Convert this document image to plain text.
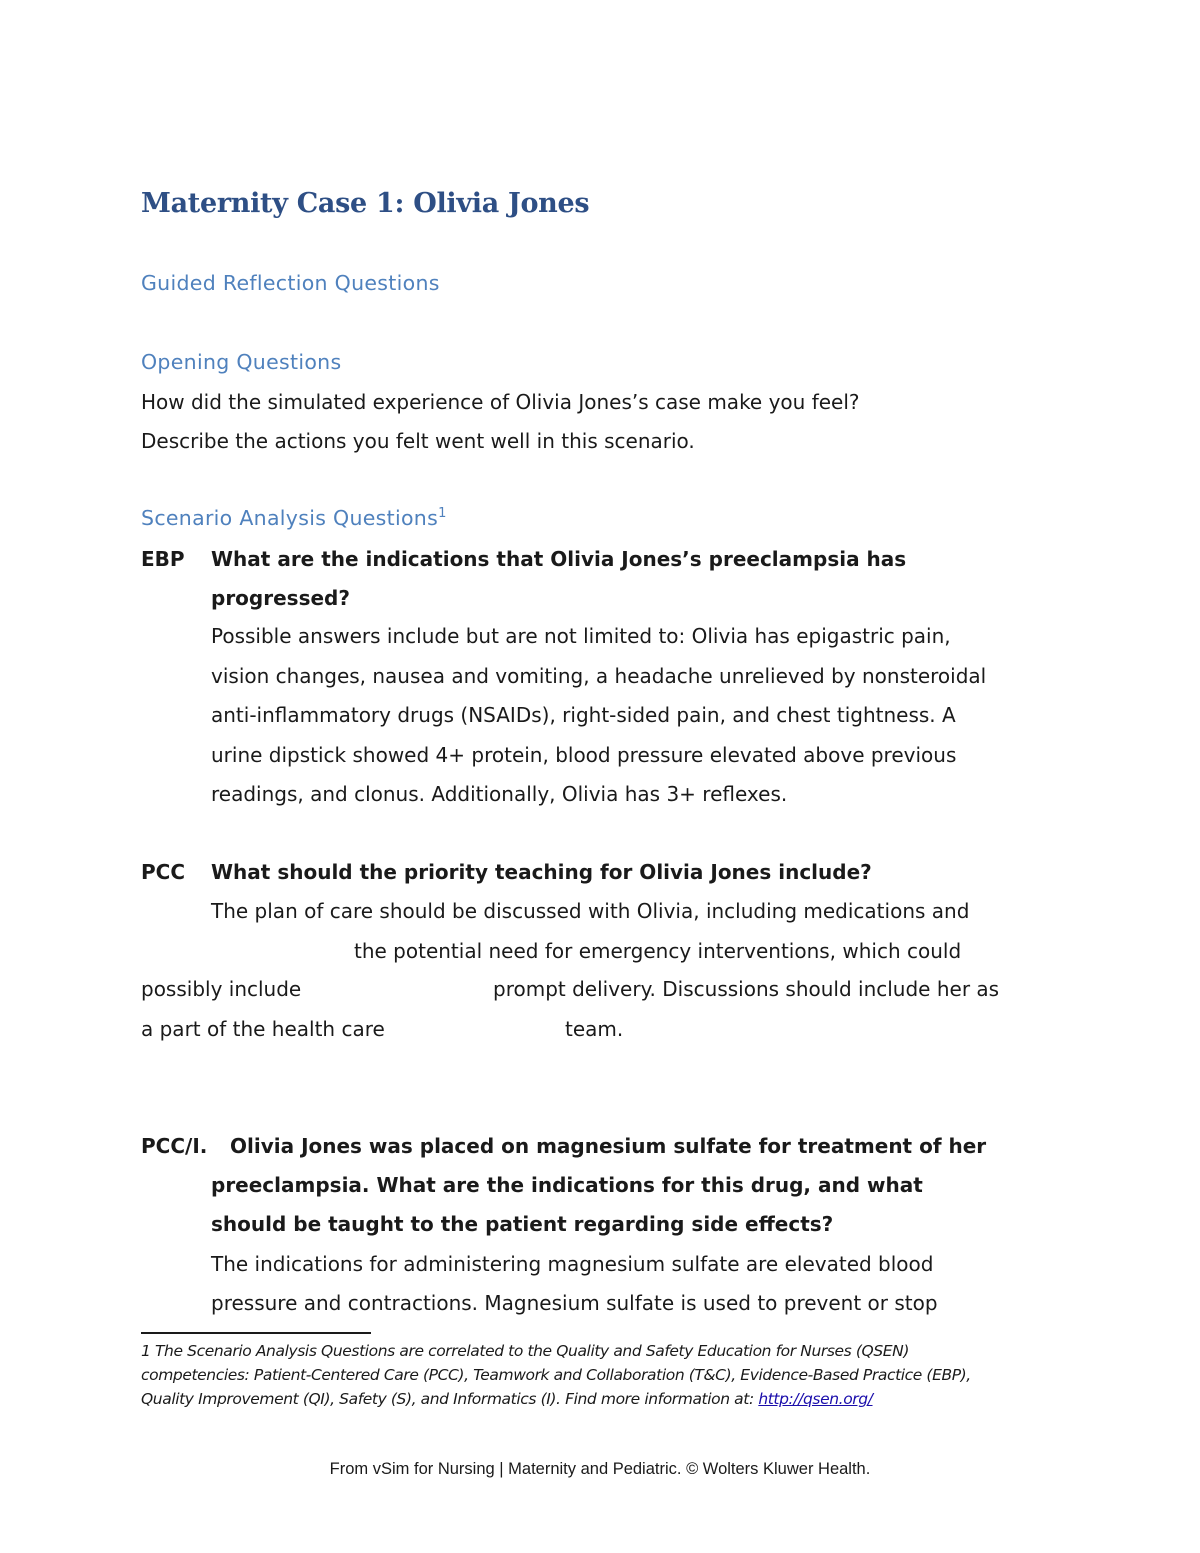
Maternity Case 1: Olivia Jones
Guided Reflection Questions
Opening Questions
How did the simulated experience of Olivia Jones’s case make you feel?
Describe the actions you felt went well in this scenario.
Scenario Analysis Questions$^1$
EBP What are the indications that Olivia Jones’s preeclampsia has
progressed?
Possible answers include but are not limited to: Olivia has epigastric pain,
vision changes, nausea and vomiting, a headache unrelieved by nonsteroidal
anti-inflammatory drugs (NSAIDs), right-sided pain, and chest tightness. A
urine dipstick showed 4+ protein, blood pressure elevated above previous
readings, and clonus. Additionally, Olivia has 3+ reflexes.
PCC What should the priority teaching for Olivia Jones include?
The plan of care should be discussed with Olivia, including medications and
the potential need for emergency interventions, which could
possibly include	prompt delivery. Discussions should include her as
a part of the health care	team.
PCC/I. Olivia Jones was placed on magnesium sulfate for treatment of her
preeclampsia. What are the indications for this drug, and what
should be taught to the patient regarding side effects?
The indications for administering magnesium sulfate are elevated blood
pressure and contractions. Magnesium sulfate is used to prevent or stop
1 The Scenario Analysis Questions are correlated to the Quality and Safety Education for Nurses (QSEN)
competencies: Patient-Centered Care (PCC), Teamwork and Collaboration (T&C), Evidence-Based Practice (EBP),
Quality Improvement (QI), Safety (S), and Informatics (I). Find more information at: http://qsen.org/
From vSim for Nursing | Maternity and Pediatric. © Wolters Kluwer Health.
